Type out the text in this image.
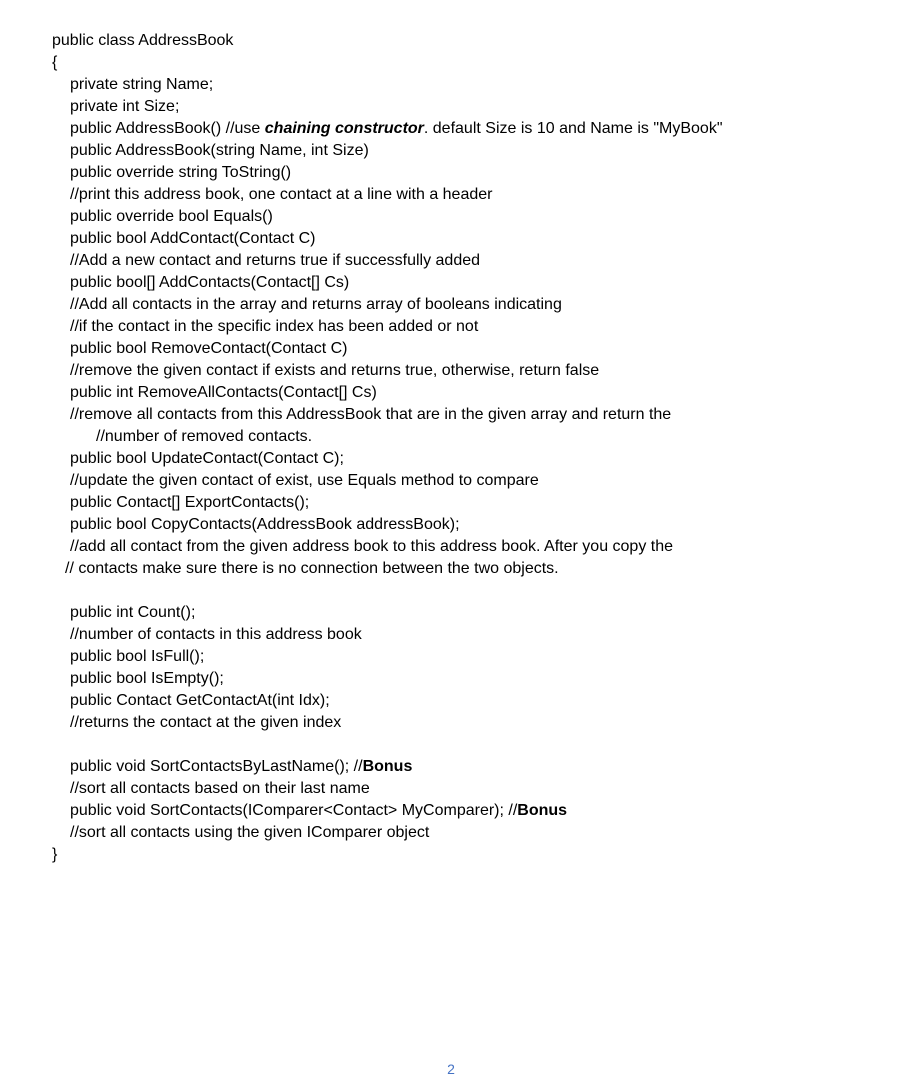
public class AddressBook
{
private string Name;
private int Size;
public AddressBook() //use chaining constructor. default Size is 10 and Name is "MyBook"
public AddressBook(string Name, int Size)
public override string ToString()
//print this address book, one contact at a line with a header
public override bool Equals()
public bool AddContact(Contact C)
//Add a new contact and returns true if successfully added
public bool[] AddContacts(Contact[] Cs)
//Add all contacts in the array and returns array of booleans indicating
//if the contact in the specific index has been added or not
public bool RemoveContact(Contact C)
//remove the given contact if exists and returns true, otherwise, return false
public int RemoveAllContacts(Contact[] Cs)
//remove all contacts from this AddressBook that are in the given array and return the
//number of removed contacts.
public bool UpdateContact(Contact C);
//update the given contact of exist, use Equals method to compare
public Contact[] ExportContacts();
public bool CopyContacts(AddressBook addressBook);
//add all contact from the given address book to this address book. After you copy the
// contacts make sure there is no connection between the two objects.
public int Count();
//number of contacts in this address book
public bool IsFull();
public bool IsEmpty();
public Contact GetContactAt(int Idx);
//returns the contact at the given index
public void SortContactsByLastName(); //Bonus
//sort all contacts based on their last name
public void SortContacts(IComparer<Contact> MyComparer); //Bonus
//sort all contacts using the given IComparer object
}
2
